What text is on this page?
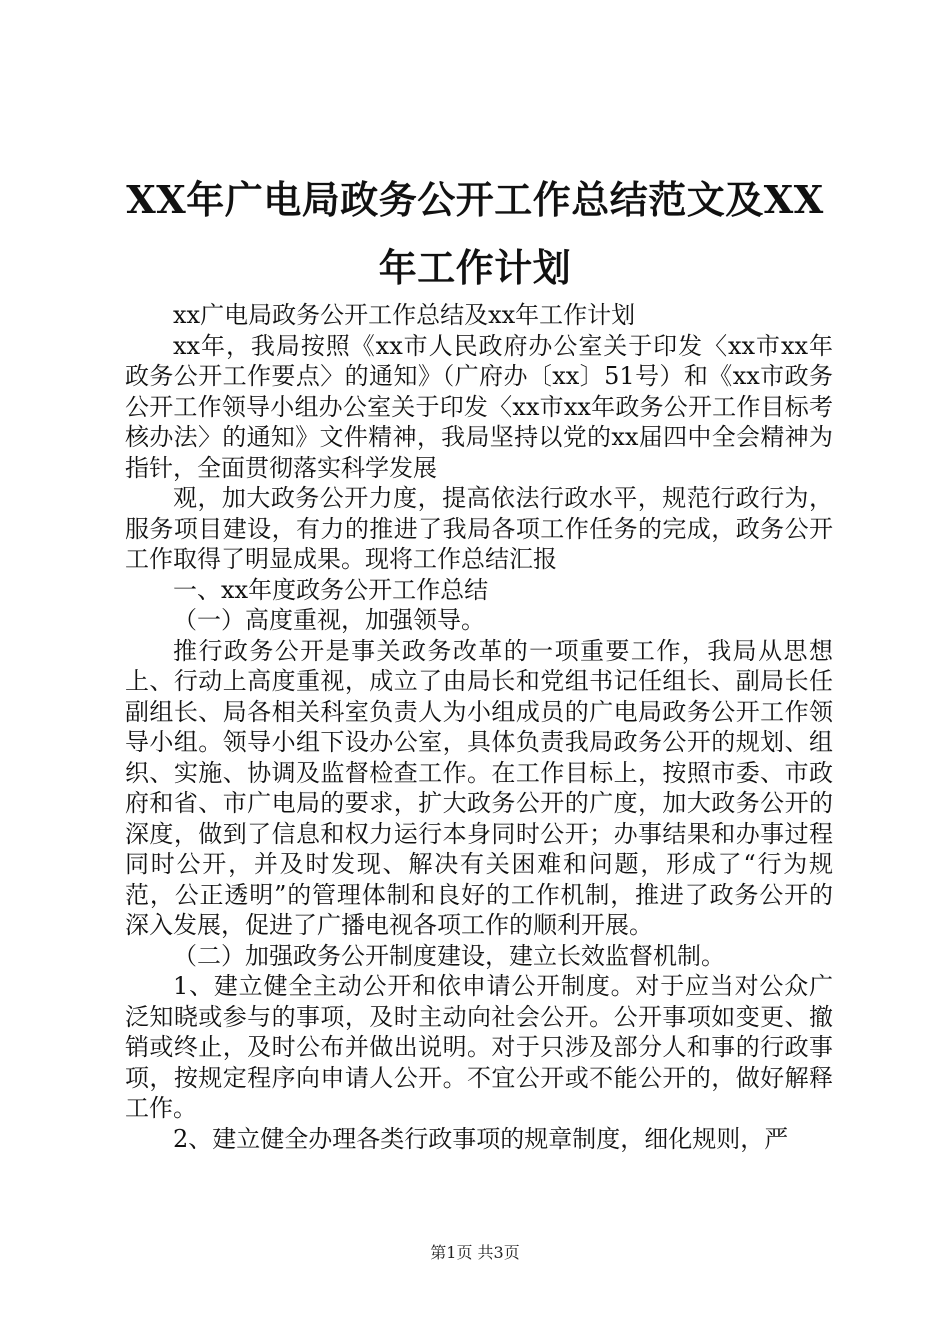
XX年广电局政务公开工作总结范文及XX年工作计划

xx广电局政务公开工作总结及xx年工作计划

xx年，我局按照《xx市人民政府办公室关于印发〈xx市xx年政务公开工作要点〉的通知》（广府办〔xx〕51号）和《xx市政务公开工作领导小组办公室关于印发〈xx市xx年政务公开工作目标考核办法〉的通知》文件精神，我局坚持以党的xx届四中全会精神为指针，全面贯彻落实科学发展

观，加大政务公开力度，提高依法行政水平，规范行政行为，服务项目建设，有力的推进了我局各项工作任务的完成，政务公开工作取得了明显成果。现将工作总结汇报

一、xx年度政务公开工作总结

（一）高度重视，加强领导。

推行政务公开是事关政务改革的一项重要工作，我局从思想上、行动上高度重视，成立了由局长和党组书记任组长、副局长任副组长、局各相关科室负责人为小组成员的广电局政务公开工作领导小组。领导小组下设办公室，具体负责我局政务公开的规划、组织、实施、协调及监督检查工作。在工作目标上，按照市委、市政府和省、市广电局的要求，扩大政务公开的广度，加大政务公开的深度，做到了信息和权力运行本身同时公开；办事结果和办事过程同时公开，并及时发现、解决有关困难和问题，形成了“行为规范，公正透明”的管理体制和良好的工作机制，推进了政务公开的深入发展，促进了广播电视各项工作的顺利开展。

（二）加强政务公开制度建设，建立长效监督机制。

1、建立健全主动公开和依申请公开制度。对于应当对公众广泛知晓或参与的事项，及时主动向社会公开。公开事项如变更、撤销或终止，及时公布并做出说明。对于只涉及部分人和事的行政事项，按规定程序向申请人公开。不宜公开或不能公开的，做好解释工作。

2、建立健全办理各类行政事项的规章制度，细化规则，严

第1页 共3页
